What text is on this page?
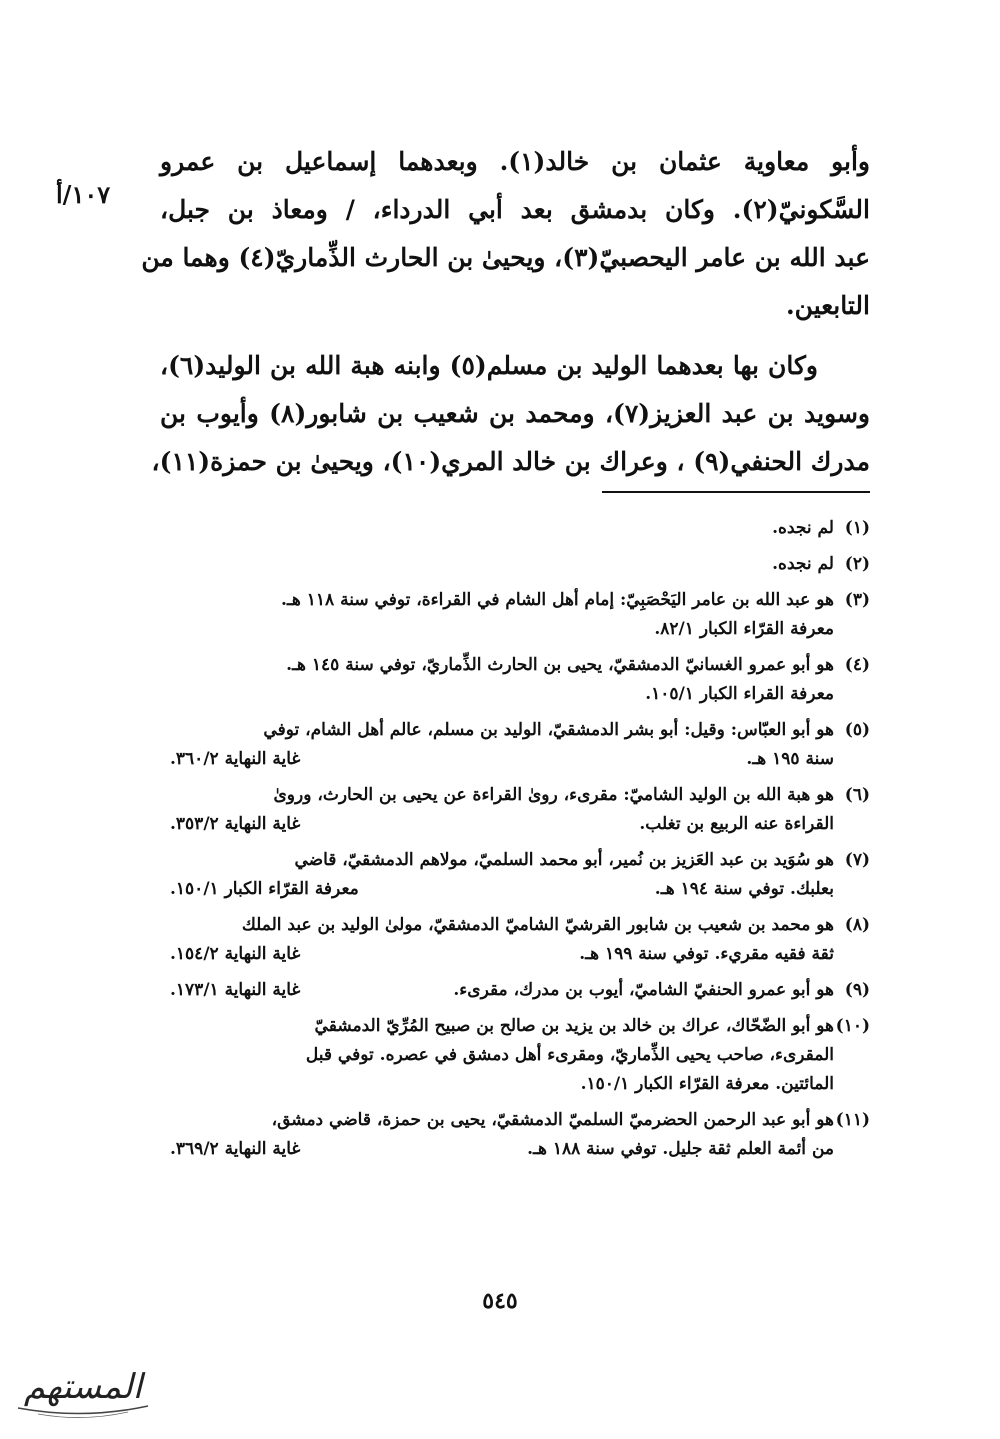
١٠٧/أ
وأبو معاوية عثمان بن خالد(١). وبعدهما إسماعيل بن عمرو
السَّكونيّ(٢). وكان بدمشق بعد أبي الدرداء، / ومعاذ بن جبل،
عبد الله بن عامر اليحصبيّ(٣)، ويحيىٰ بن الحارث الذِّماريّ(٤) وهما من
التابعين.
وكان بها بعدهما الوليد بن مسلم(٥) وابنه هبة الله بن الوليد(٦)،
وسويد بن عبد العزيز(٧)، ومحمد بن شعيب بن شابور(٨) وأيوب بن
مدرك الحنفي(٩) ، وعراك بن خالد المري(١٠)، ويحيىٰ بن حمزة(١١)،
(١)
لم نجده.
(٢)
لم نجده.
(٣)
هو عبد الله بن عامر اليَحْصَبِيّ: إمام أهل الشام في القراءة، توفي سنة ١١٨ هـ.
معرفة القرّاء الكبار ٨٢/١.
(٤)
هو أبو عمرو الغسانيّ الدمشقيّ، يحيى بن الحارث الذِّماريّ، توفي سنة ١٤٥ هـ.
معرفة القراء الكبار ١٠٥/١.
(٥)
هو أبو العبّاس: وقيل: أبو بشر الدمشقيّ، الوليد بن مسلم، عالم أهل الشام، توفي
سنة ١٩٥ هـ.
غاية النهاية ٣٦٠/٢.
(٦)
هو هبة الله بن الوليد الشاميّ: مقرىء، روىٰ القراءة عن يحيى بن الحارث، وروىٰ
القراءة عنه الربيع بن تغلب.
غاية النهاية ٣٥٣/٢.
(٧)
هو سُوَيد بن عبد العَزيز بن نُمير، أبو محمد السلميّ، مولاهم الدمشقيّ، قاضي
بعلبك. توفي سنة ١٩٤ هـ.
معرفة القرّاء الكبار ١٥٠/١.
(٨)
هو محمد بن شعيب بن شابور القرشيّ الشاميّ الدمشقيّ، مولىٰ الوليد بن عبد الملك
ثقة فقيه مقريء. توفي سنة ١٩٩ هـ.
غاية النهاية ١٥٤/٢.
(٩)
هو أبو عمرو الحنفيّ الشاميّ، أيوب بن مدرك، مقرىء.
غاية النهاية ١٧٣/١.
(١٠)
هو أبو الضّحّاك، عراك بن خالد بن يزيد بن صالح بن صبيح المُرِّيّ الدمشقيّ
المقرىء، صاحب يحيى الذِّماريّ، ومقرىء أهل دمشق في عصره. توفي قبل
المائتين. معرفة القرّاء الكبار ١٥٠/١.
(١١)
هو أبو عبد الرحمن الحضرميّ السلميّ الدمشقيّ، يحيى بن حمزة، قاضي دمشق،
من أئمة العلم ثقة جليل. توفي سنة ١٨٨ هـ.
غاية النهاية ٣٦٩/٢.
٥٤٥
المستهم
